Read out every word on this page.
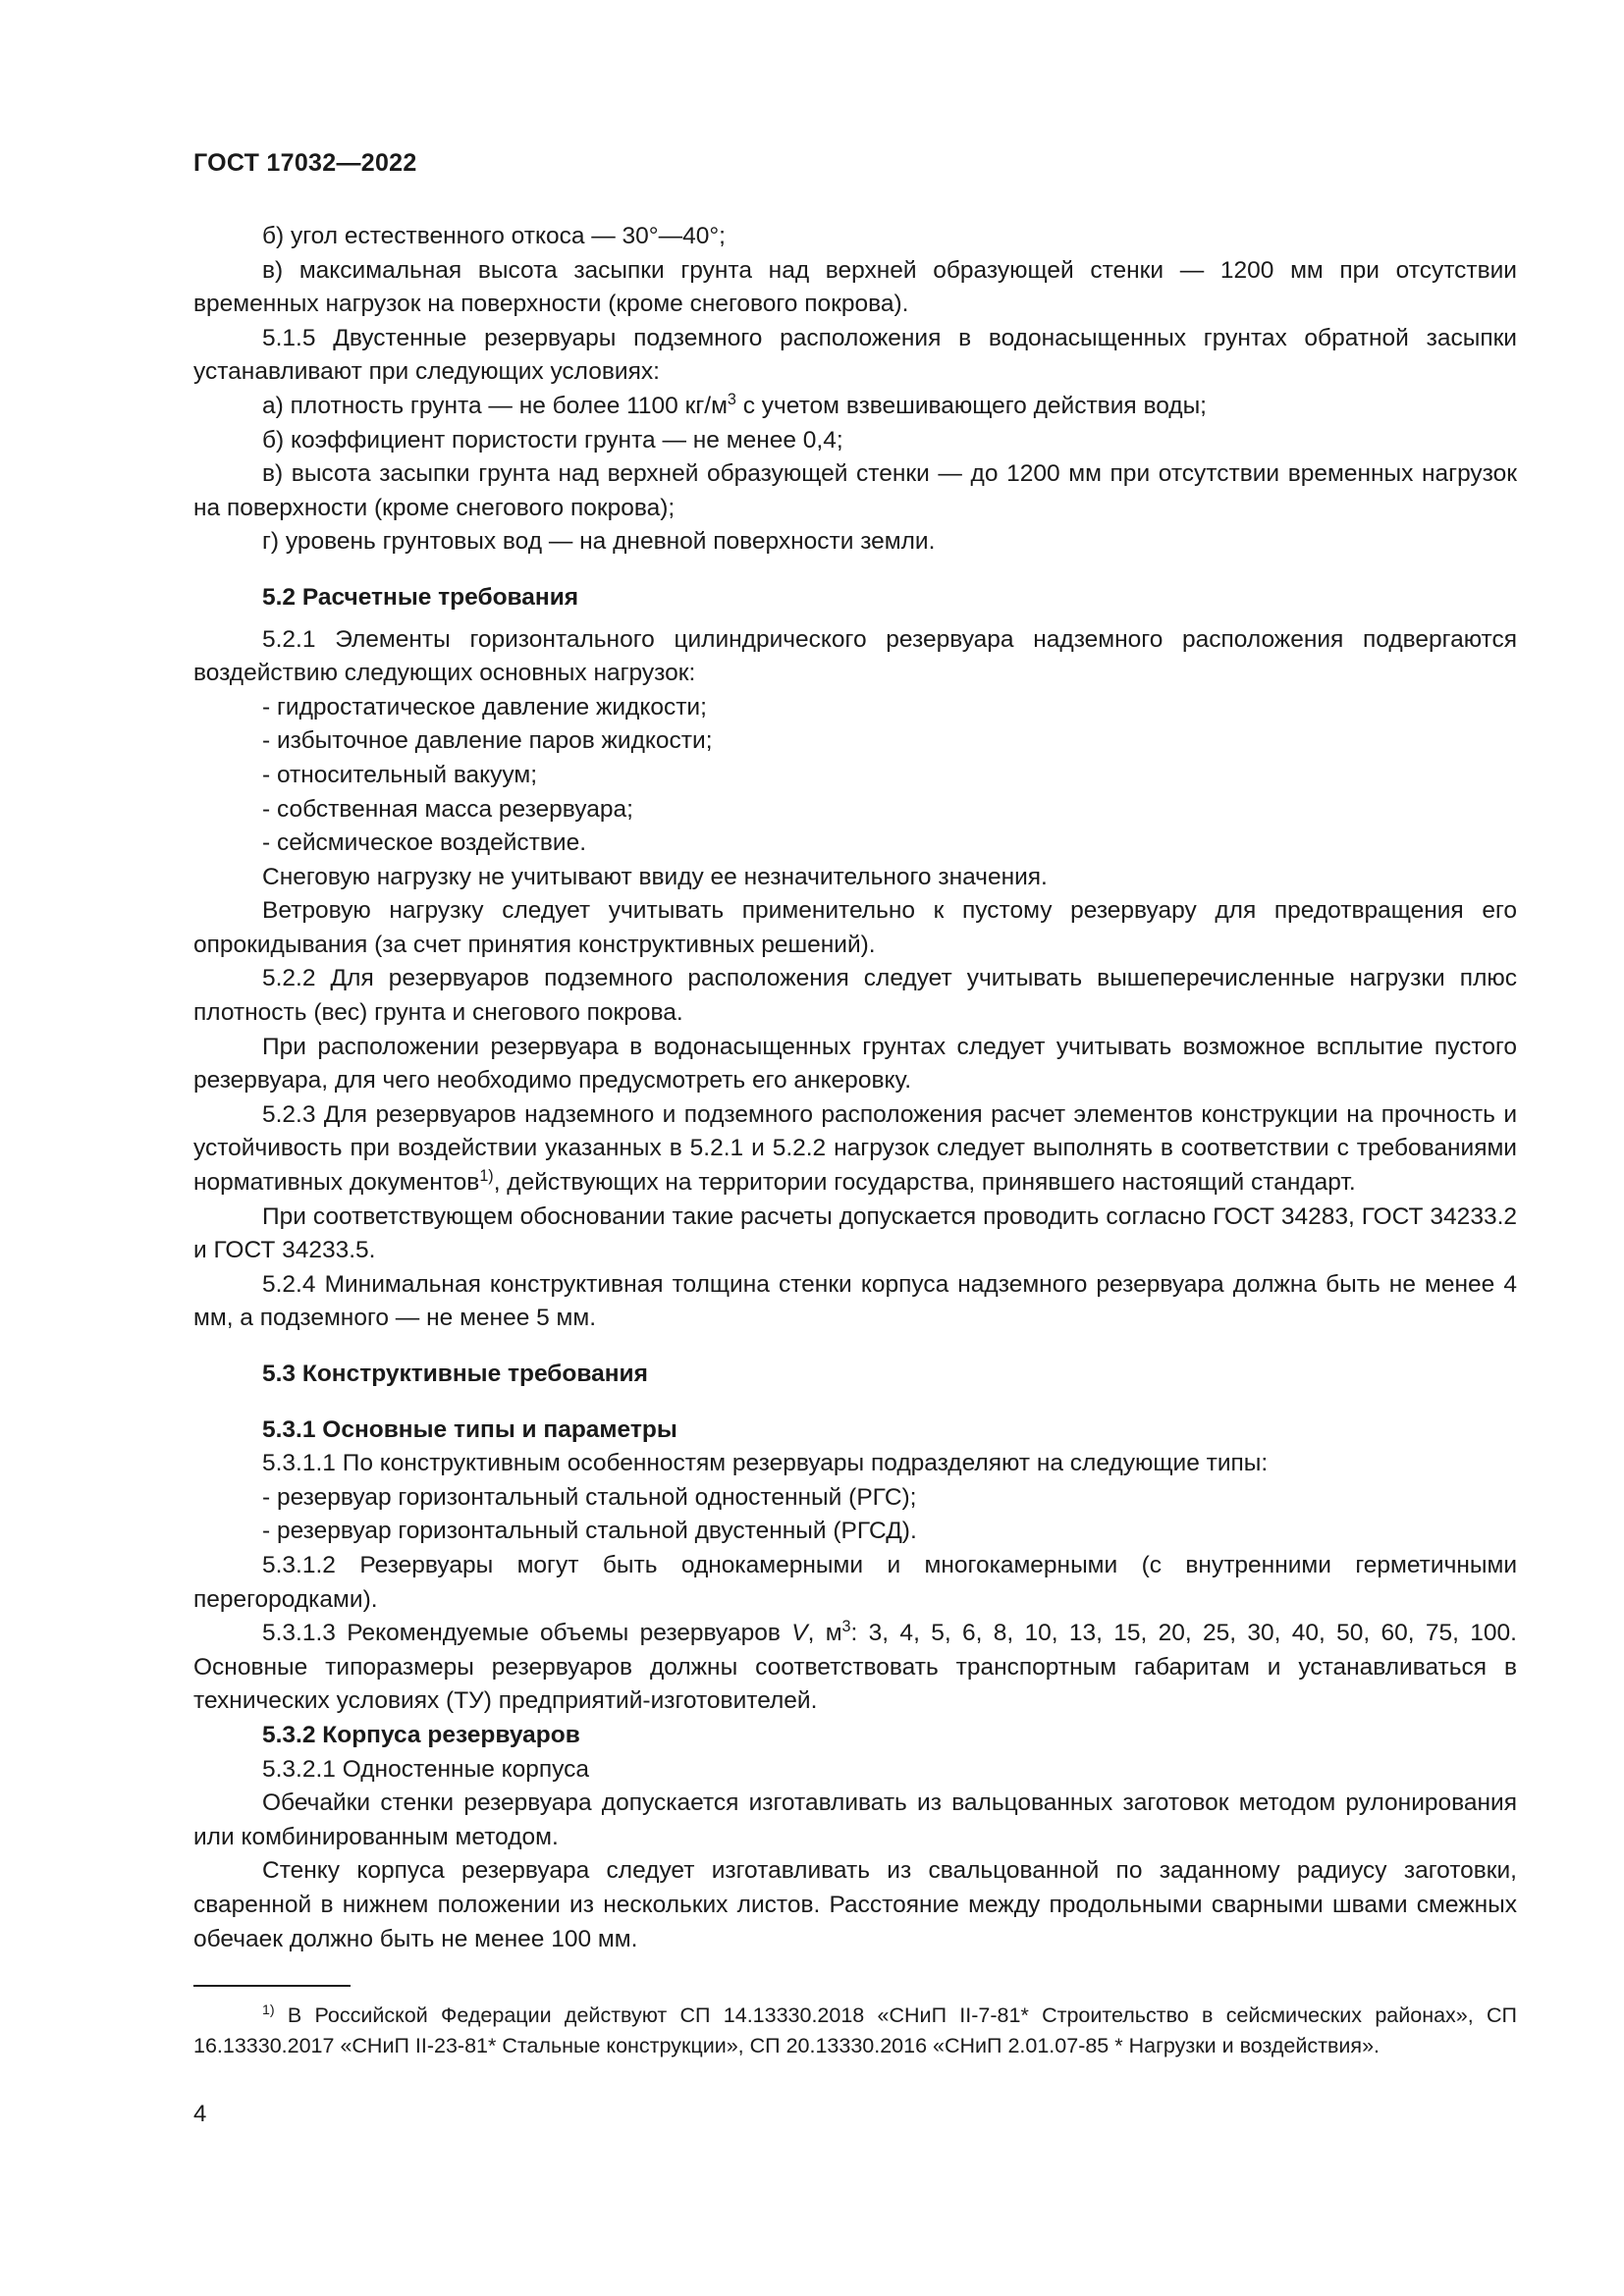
ГОСТ 17032—2022

б) угол естественного откоса — 30°—40°;

в) максимальная высота засыпки грунта над верхней образующей стенки — 1200 мм при отсутствии временных нагрузок на поверхности (кроме снегового покрова).

5.1.5 Двустенные резервуары подземного расположения в водонасыщенных грунтах обратной засыпки устанавливают при следующих условиях:

а) плотность грунта — не более 1100 $кг/м^3$ с учетом взвешивающего действия воды;

б) коэффициент пористости грунта — не менее 0,4;

в) высота засыпки грунта над верхней образующей стенки — до 1200 мм при отсутствии временных нагрузок на поверхности (кроме снегового покрова);

г) уровень грунтовых вод — на дневной поверхности земли.

5.2 Расчетные требования

5.2.1 Элементы горизонтального цилиндрического резервуара надземного расположения подвергаются воздействию следующих основных нагрузок:

- гидростатическое давление жидкости;

- избыточное давление паров жидкости;

- относительный вакуум;

- собственная масса резервуара;

- сейсмическое воздействие.

Снеговую нагрузку не учитывают ввиду ее незначительного значения.

Ветровую нагрузку следует учитывать применительно к пустому резервуару для предотвращения его опрокидывания (за счет принятия конструктивных решений).

5.2.2 Для резервуаров подземного расположения следует учитывать вышеперечисленные нагрузки плюс плотность (вес) грунта и снегового покрова.

При расположении резервуара в водонасыщенных грунтах следует учитывать возможное всплытие пустого резервуара, для чего необходимо предусмотреть его анкеровку.

5.2.3 Для резервуаров надземного и подземного расположения расчет элементов конструкции на прочность и устойчивость при воздействии указанных в 5.2.1 и 5.2.2 нагрузок следует выполнять в соответствии с требованиями нормативных документов$^{1)}$, действующих на территории государства, принявшего настоящий стандарт.

При соответствующем обосновании такие расчеты допускается проводить согласно ГОСТ 34283, ГОСТ 34233.2 и ГОСТ 34233.5.

5.2.4 Минимальная конструктивная толщина стенки корпуса надземного резервуара должна быть не менее 4 мм, а подземного — не менее 5 мм.

5.3 Конструктивные требования

5.3.1 Основные типы и параметры

5.3.1.1 По конструктивным особенностям резервуары подразделяют на следующие типы:

- резервуар горизонтальный стальной одностенный (РГС);

- резервуар горизонтальный стальной двустенный (РГСД).

5.3.1.2 Резервуары могут быть однокамерными и многокамерными (с внутренними герметичными перегородками).

5.3.1.3 Рекомендуемые объемы резервуаров V, $м^3$: 3, 4, 5, 6, 8, 10, 13, 15, 20, 25, 30, 40, 50, 60, 75, 100. Основные типоразмеры резервуаров должны соответствовать транспортным габаритам и устанавливаться в технических условиях (ТУ) предприятий-изготовителей.

5.3.2 Корпуса резервуаров

5.3.2.1 Одностенные корпуса

Обечайки стенки резервуара допускается изготавливать из вальцованных заготовок методом рулонирования или комбинированным методом.

Стенку корпуса резервуара следует изготавливать из свальцованной по заданному радиусу заготовки, сваренной в нижнем положении из нескольких листов. Расстояние между продольными сварными швами смежных обечаек должно быть не менее 100 мм.

$^{1)}$ В Российской Федерации действуют СП 14.13330.2018 «СНиП II-7-81* Строительство в сейсмических районах», СП 16.13330.2017 «СНиП II-23-81* Стальные конструкции», СП 20.13330.2016 «СНиП 2.01.07-85 * Нагрузки и воздействия».

4
